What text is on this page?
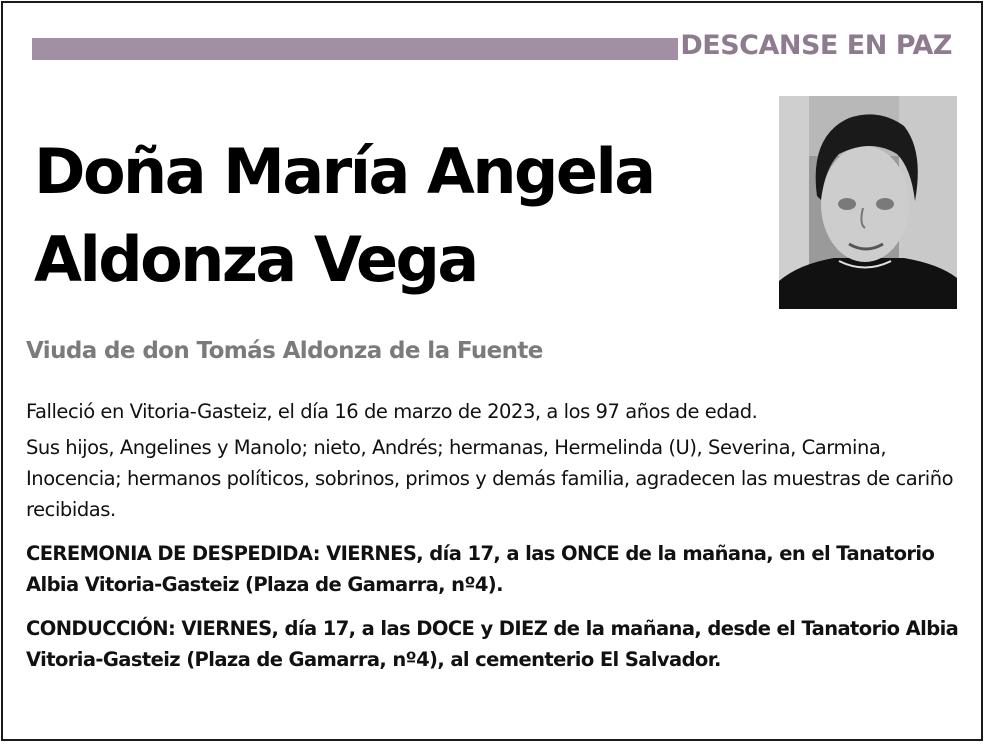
DESCANSE EN PAZ
Doña María Angela
Aldonza Vega
Viuda de don Tomás Aldonza de la Fuente
Falleció en Vitoria-Gasteiz, el día 16 de marzo de 2023, a los 97 años de edad.
Sus hijos, Angelines y Manolo; nieto, Andrés; hermanas, Hermelinda (U), Severina, Carmina, Inocencia; hermanos políticos, sobrinos, primos y demás familia, agradecen las muestras de cariño recibidas.
CEREMONIA DE DESPEDIDA: VIERNES, día 17, a las ONCE de la mañana, en el Tanatorio Albia Vitoria-Gasteiz (Plaza de Gamarra, nº4).
CONDUCCIÓN: VIERNES, día 17, a las DOCE y DIEZ de la mañana, desde el Tanatorio Albia Vitoria-Gasteiz (Plaza de Gamarra, nº4), al cementerio El Salvador.
